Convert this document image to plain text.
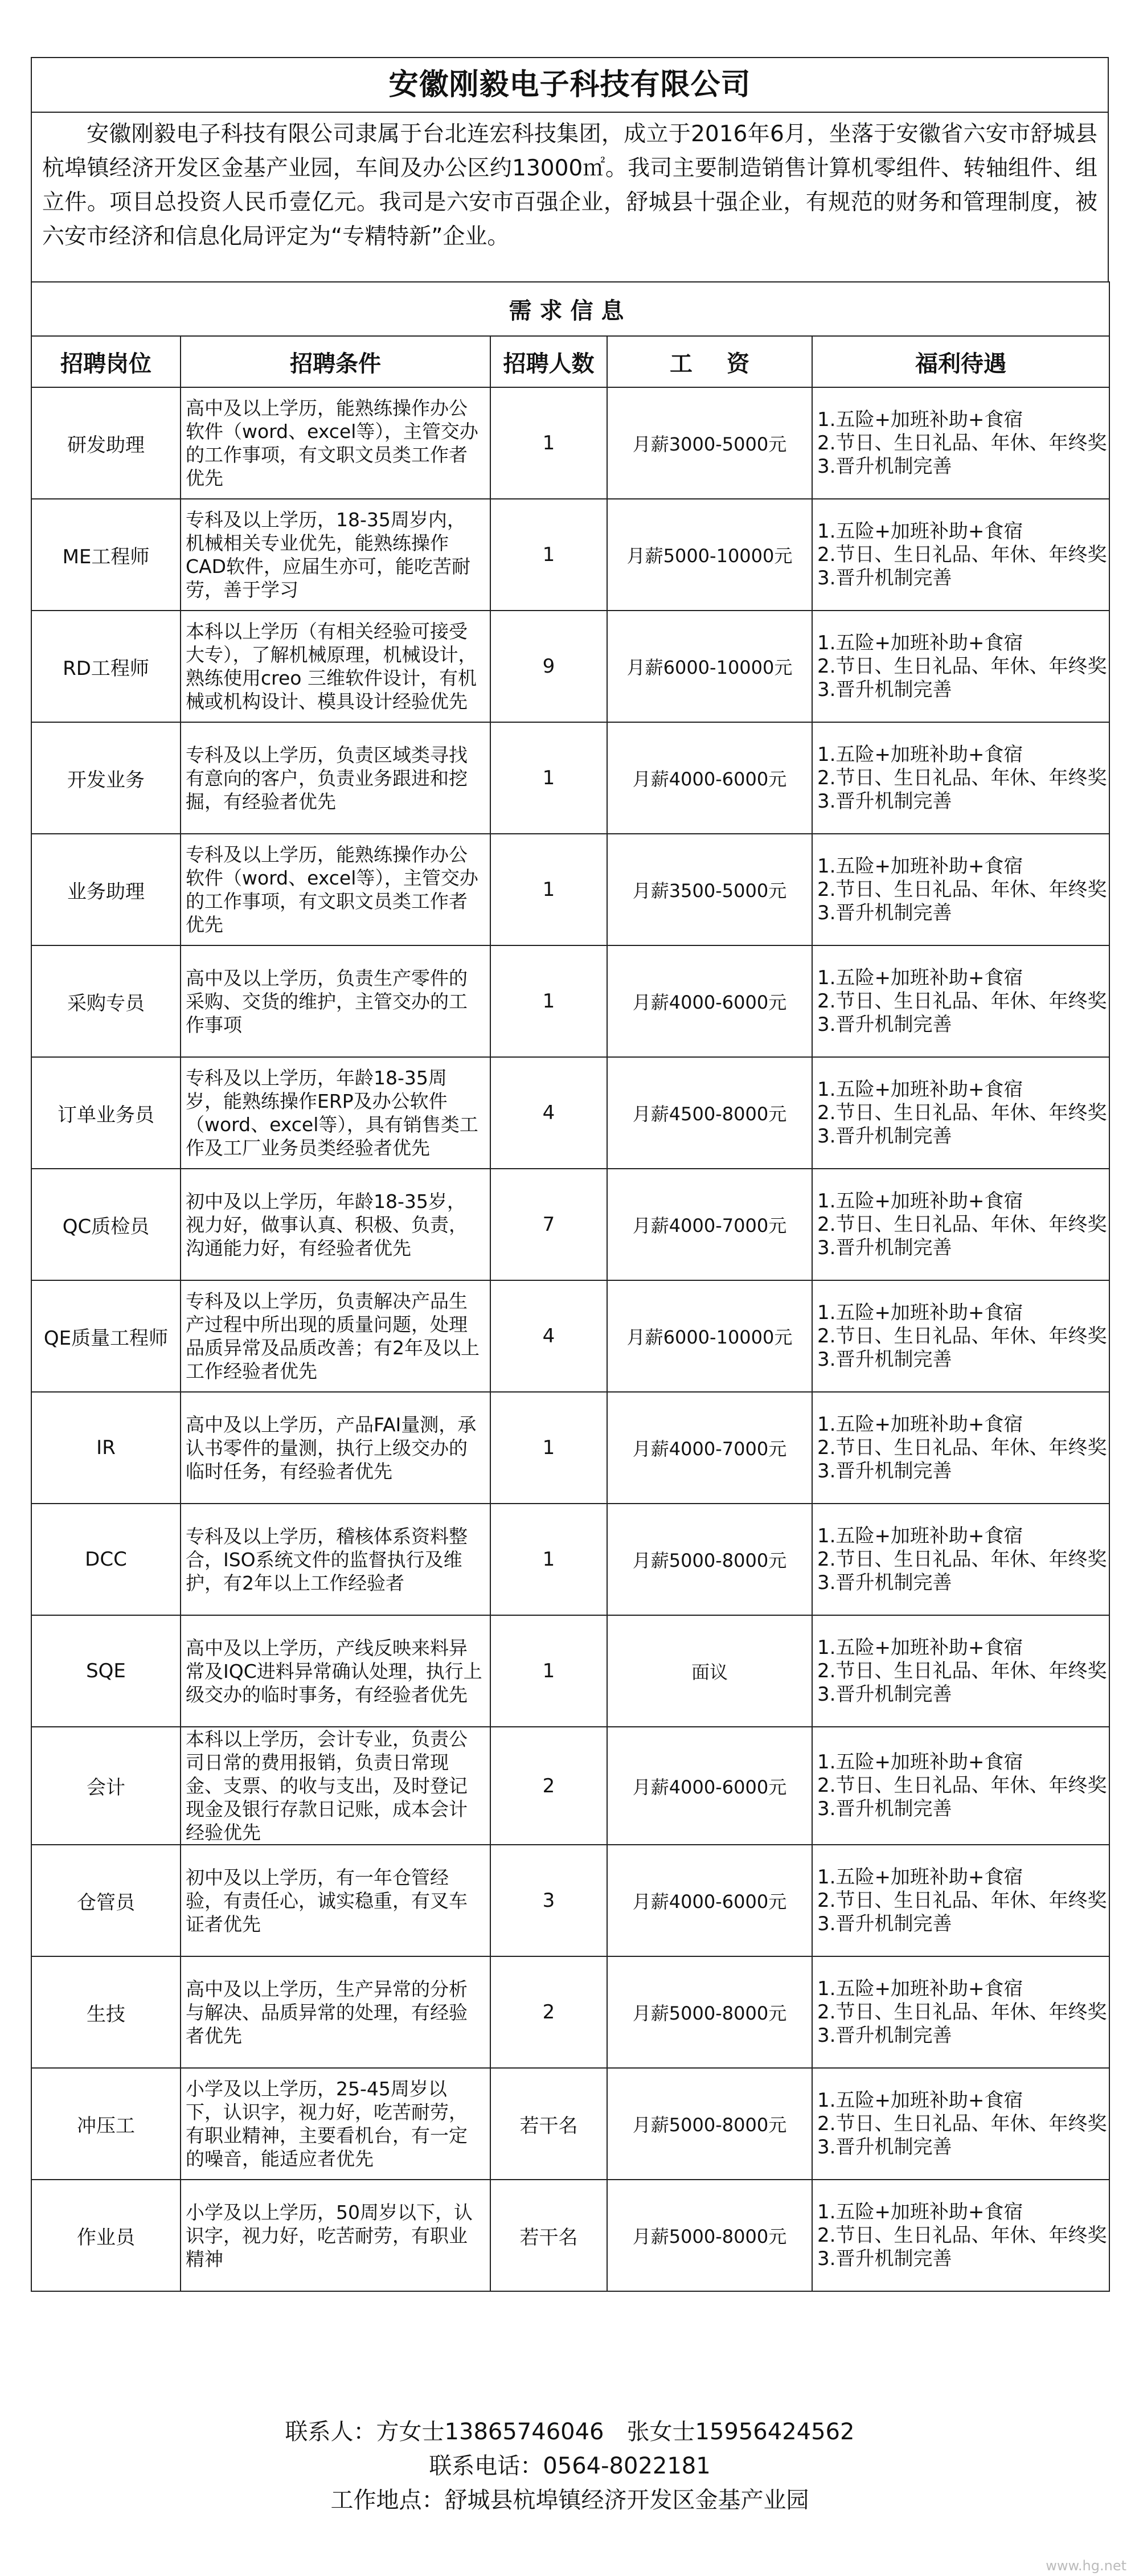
安徽刚毅电子科技有限公司
安徽刚毅电子科技有限公司隶属于台北连宏科技集团，成立于2016年6月，坐落于安徽省六安市舒城县杭埠镇经济开发区金基产业园，车间及办公区约13000㎡。我司主要制造销售计算机零组件、转轴组件、组立件。项目总投资人民币壹亿元。我司是六安市百强企业，舒城县十强企业，有规范的财务和管理制度，被六安市经济和信息化局评定为“专精特新”企业。
需求信息				
招聘岗位	招聘条件	招聘人数	工资	福利待遇
研发助理	高中及以上学历，能熟练操作办公软件（word、excel等），主管交办的工作事项，有文职文员类工作者优先	1	月薪3000-5000元	1.五险+加班补助+食宿
2.节日、生日礼品、年休、年终奖
3.晋升机制完善

ME工程师	专科及以上学历，18-35周岁内，机械相关专业优先，能熟练操作CAD软件，应届生亦可，能吃苦耐劳，善于学习	1	月薪5000-10000元	1.五险+加班补助+食宿
2.节日、生日礼品、年休、年终奖
3.晋升机制完善

RD工程师	本科以上学历（有相关经验可接受大专），了解机械原理，机械设计，熟练使用creo 三维软件设计，有机械或机构设计、模具设计经验优先	9	月薪6000-10000元	1.五险+加班补助+食宿
2.节日、生日礼品、年休、年终奖
3.晋升机制完善

开发业务	专科及以上学历，负责区域类寻找有意向的客户，负责业务跟进和挖掘，有经验者优先	1	月薪4000-6000元	1.五险+加班补助+食宿
2.节日、生日礼品、年休、年终奖
3.晋升机制完善

业务助理	专科及以上学历，能熟练操作办公软件（word、excel等），主管交办的工作事项，有文职文员类工作者优先	1	月薪3500-5000元	1.五险+加班补助+食宿
2.节日、生日礼品、年休、年终奖
3.晋升机制完善

采购专员	高中及以上学历，负责生产零件的采购、交货的维护，主管交办的工作事项	1	月薪4000-6000元	1.五险+加班补助+食宿
2.节日、生日礼品、年休、年终奖
3.晋升机制完善

订单业务员	专科及以上学历，年龄18-35周岁，能熟练操作ERP及办公软件（word、excel等），具有销售类工作及工厂业务员类经验者优先	4	月薪4500-8000元	1.五险+加班补助+食宿
2.节日、生日礼品、年休、年终奖
3.晋升机制完善

QC质检员	初中及以上学历，年龄18-35岁，视力好，做事认真、积极、负责，沟通能力好，有经验者优先	7	月薪4000-7000元	1.五险+加班补助+食宿
2.节日、生日礼品、年休、年终奖
3.晋升机制完善

QE质量工程师	专科及以上学历，负责解决产品生产过程中所出现的质量问题，处理品质异常及品质改善；有2年及以上工作经验者优先	4	月薪6000-10000元	1.五险+加班补助+食宿
2.节日、生日礼品、年休、年终奖
3.晋升机制完善

IR	高中及以上学历，产品FAI量测，承认书零件的量测，执行上级交办的临时任务，有经验者优先	1	月薪4000-7000元	1.五险+加班补助+食宿
2.节日、生日礼品、年休、年终奖
3.晋升机制完善

DCC	专科及以上学历，稽核体系资料整合，ISO系统文件的监督执行及维护，有2年以上工作经验者	1	月薪5000-8000元	1.五险+加班补助+食宿
2.节日、生日礼品、年休、年终奖
3.晋升机制完善

SQE	高中及以上学历，产线反映来料异常及IQC进料异常确认处理，执行上级交办的临时事务，有经验者优先	1	面议	1.五险+加班补助+食宿
2.节日、生日礼品、年休、年终奖
3.晋升机制完善

会计	本科以上学历，会计专业，负责公司日常的费用报销，负责日常现金、支票、的收与支出，及时登记现金及银行存款日记账，成本会计经验优先	2	月薪4000-6000元	1.五险+加班补助+食宿
2.节日、生日礼品、年休、年终奖
3.晋升机制完善

仓管员	初中及以上学历，有一年仓管经验，有责任心，诚实稳重，有叉车证者优先	3	月薪4000-6000元	1.五险+加班补助+食宿
2.节日、生日礼品、年休、年终奖
3.晋升机制完善

生技	高中及以上学历，生产异常的分析与解决、品质异常的处理，有经验者优先	2	月薪5000-8000元	1.五险+加班补助+食宿
2.节日、生日礼品、年休、年终奖
3.晋升机制完善

冲压工	小学及以上学历，25-45周岁以下，认识字，视力好，吃苦耐劳，有职业精神，主要看机台，有一定的噪音，能适应者优先	若干名	月薪5000-8000元	1.五险+加班补助+食宿
2.节日、生日礼品、年休、年终奖
3.晋升机制完善

作业员	小学及以上学历，50周岁以下，认识字，视力好，吃苦耐劳，有职业精神	若干名	月薪5000-8000元	1.五险+加班补助+食宿
2.节日、生日礼品、年休、年终奖
3.晋升机制完善
联系人：方女士13865746046 张女士15956424562
联系电话：0564-8022181
工作地点：舒城县杭埠镇经济开发区金基产业园
www.hg.net
